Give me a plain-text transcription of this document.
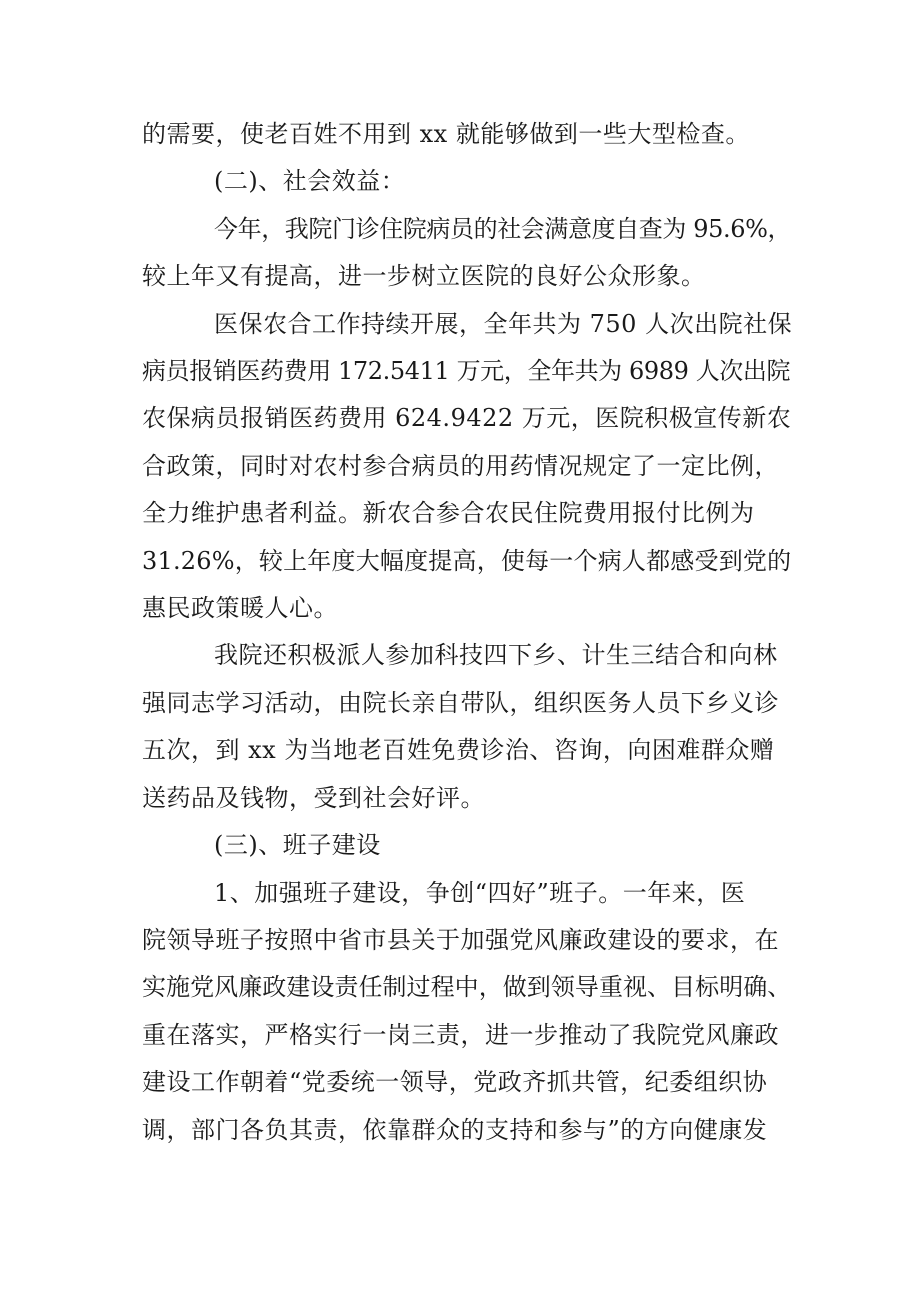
的需要，使老百姓不用到 xx 就能够做到一些大型检查。

(二)、社会效益：

今年，我院门诊住院病员的社会满意度自查为 95.6%，

较上年又有提高，进一步树立医院的良好公众形象。

医保农合工作持续开展，全年共为 750 人次出院社保

病员报销医药费用 172.5411 万元，全年共为 6989 人次出院

农保病员报销医药费用 624.9422 万元，医院积极宣传新农

合政策，同时对农村参合病员的用药情况规定了一定比例，

全力维护患者利益。新农合参合农民住院费用报付比例为

31.26%，较上年度大幅度提高，使每一个病人都感受到党的

惠民政策暖人心。

我院还积极派人参加科技四下乡、计生三结合和向林

强同志学习活动，由院长亲自带队，组织医务人员下乡义诊

五次，到 xx 为当地老百姓免费诊治、咨询，向困难群众赠

送药品及钱物，受到社会好评。

(三)、班子建设

1、加强班子建设，争创“四好”班子。一年来，医

院领导班子按照中省市县关于加强党风廉政建设的要求，在

实施党风廉政建设责任制过程中，做到领导重视、目标明确、

重在落实，严格实行一岗三责，进一步推动了我院党风廉政

建设工作朝着“党委统一领导，党政齐抓共管，纪委组织协

调，部门各负其责，依靠群众的支持和参与”的方向健康发
